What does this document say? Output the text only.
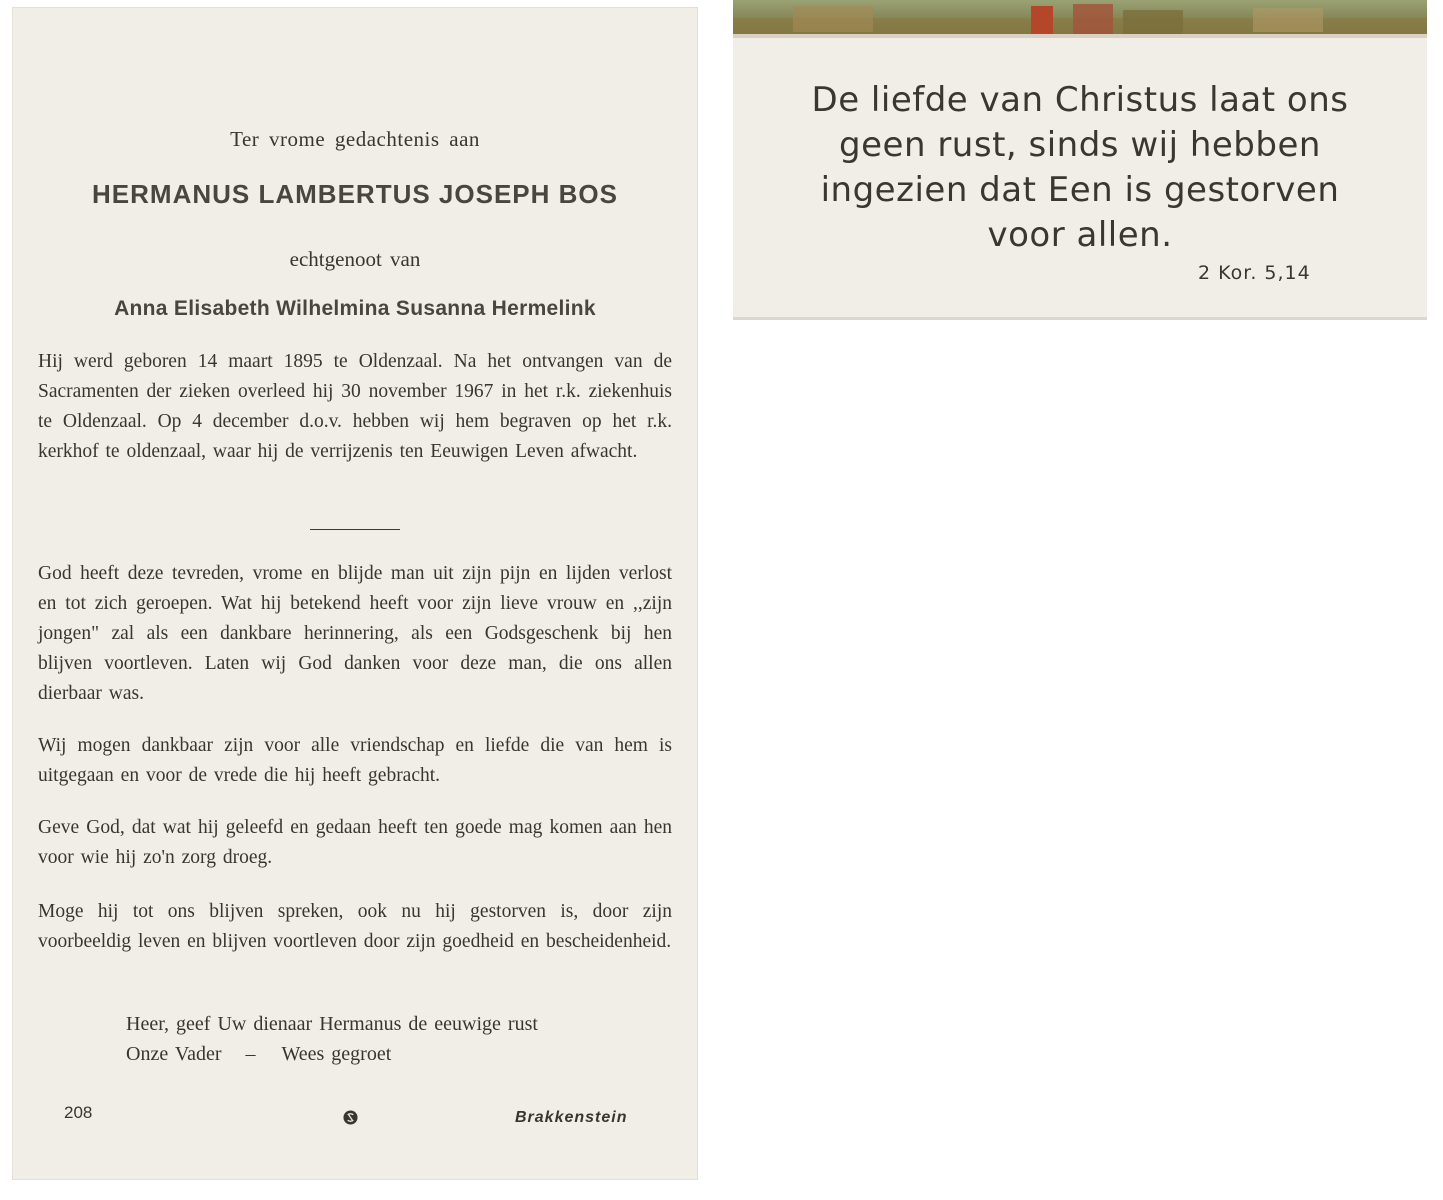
Ter vrome gedachtenis aan

HERMANUS LAMBERTUS JOSEPH BOS

echtgenoot van

Anna Elisabeth Wilhelmina Susanna Hermelink

Hij werd geboren 14 maart 1895 te Oldenzaal. Na het ontvangen van de Sacramenten der zieken overleed hij 30 november 1967 in het r.k. ziekenhuis te Oldenzaal. Op 4 december d.o.v. hebben wij hem begraven op het r.k. kerkhof te oldenzaal, waar hij de verrijzenis ten Eeuwigen Leven afwacht.

God heeft deze tevreden, vrome en blijde man uit zijn pijn en lijden verlost en tot zich geroepen. Wat hij betekend heeft voor zijn lieve vrouw en ,,zijn jongen" zal als een dankbare herinnering, als een Godsgeschenk bij hen blijven voortleven. Laten wij God danken voor deze man, die ons allen dierbaar was.

Wij mogen dankbaar zijn voor alle vriendschap en liefde die van hem is uitgegaan en voor de vrede die hij heeft gebracht.

Geve God, dat wat hij geleefd en gedaan heeft ten goede mag komen aan hen voor wie hij zo'n zorg droeg.

Moge hij tot ons blijven spreken, ook nu hij gestorven is, door zijn voorbeeldig leven en blijven voortleven door zijn goedheid en bescheidenheid.

Heer, geef Uw dienaar Hermanus de eeuwige rust

Onze Vader – Wees gegroet

208	Brakkenstein

De liefde van Christus laat ons
geen rust, sinds wij hebben
ingezien dat Een is gestorven
voor allen.

2 Kor. 5,14
